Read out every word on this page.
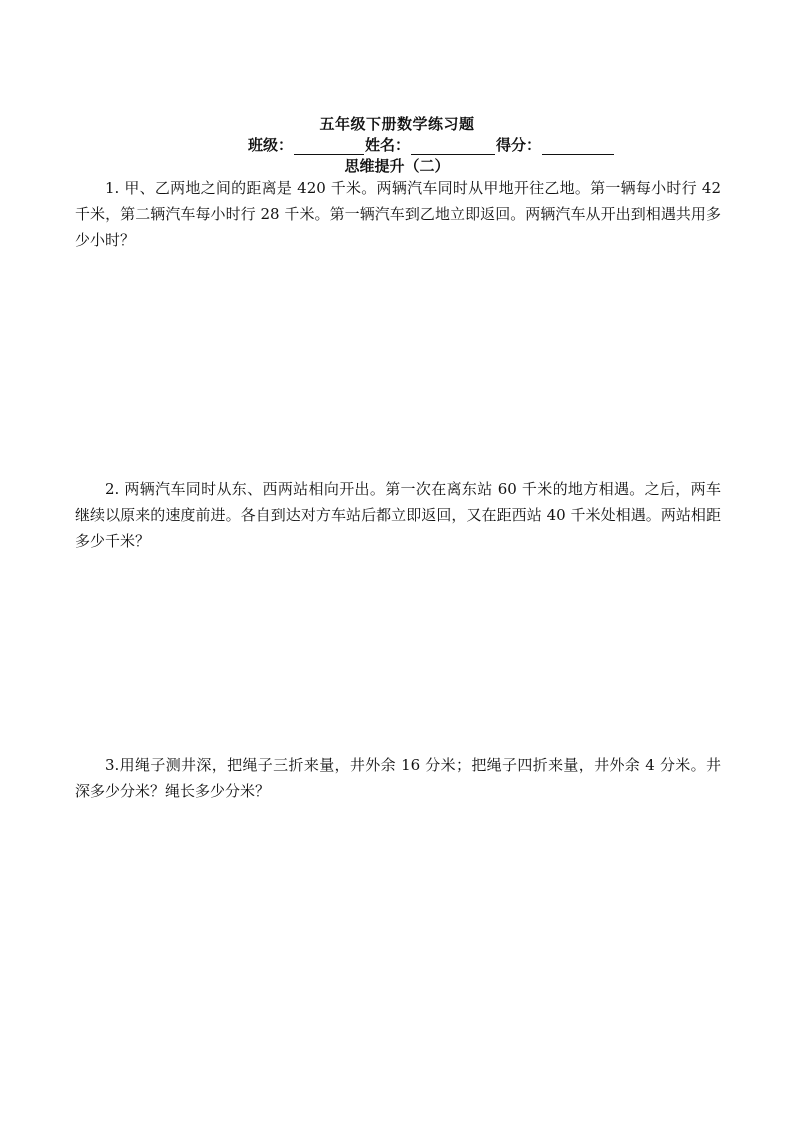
五年级下册数学练习题
班级：	姓名：	得分：
思维提升（二）
1. 甲、乙两地之间的距离是 420 千米。两辆汽车同时从甲地开往乙地。第一辆每小时行 42 千米，第二辆汽车每小时行 28 千米。第一辆汽车到乙地立即返回。两辆汽车从开出到相遇共用多少小时？
2. 两辆汽车同时从东、西两站相向开出。第一次在离东站 60 千米的地方相遇。之后，两车继续以原来的速度前进。各自到达对方车站后都立即返回，又在距西站 40 千米处相遇。两站相距多少千米？
3.用绳子测井深，把绳子三折来量，井外余 16 分米；把绳子四折来量，井外余 4 分米。井深多少分米？绳长多少分米？
